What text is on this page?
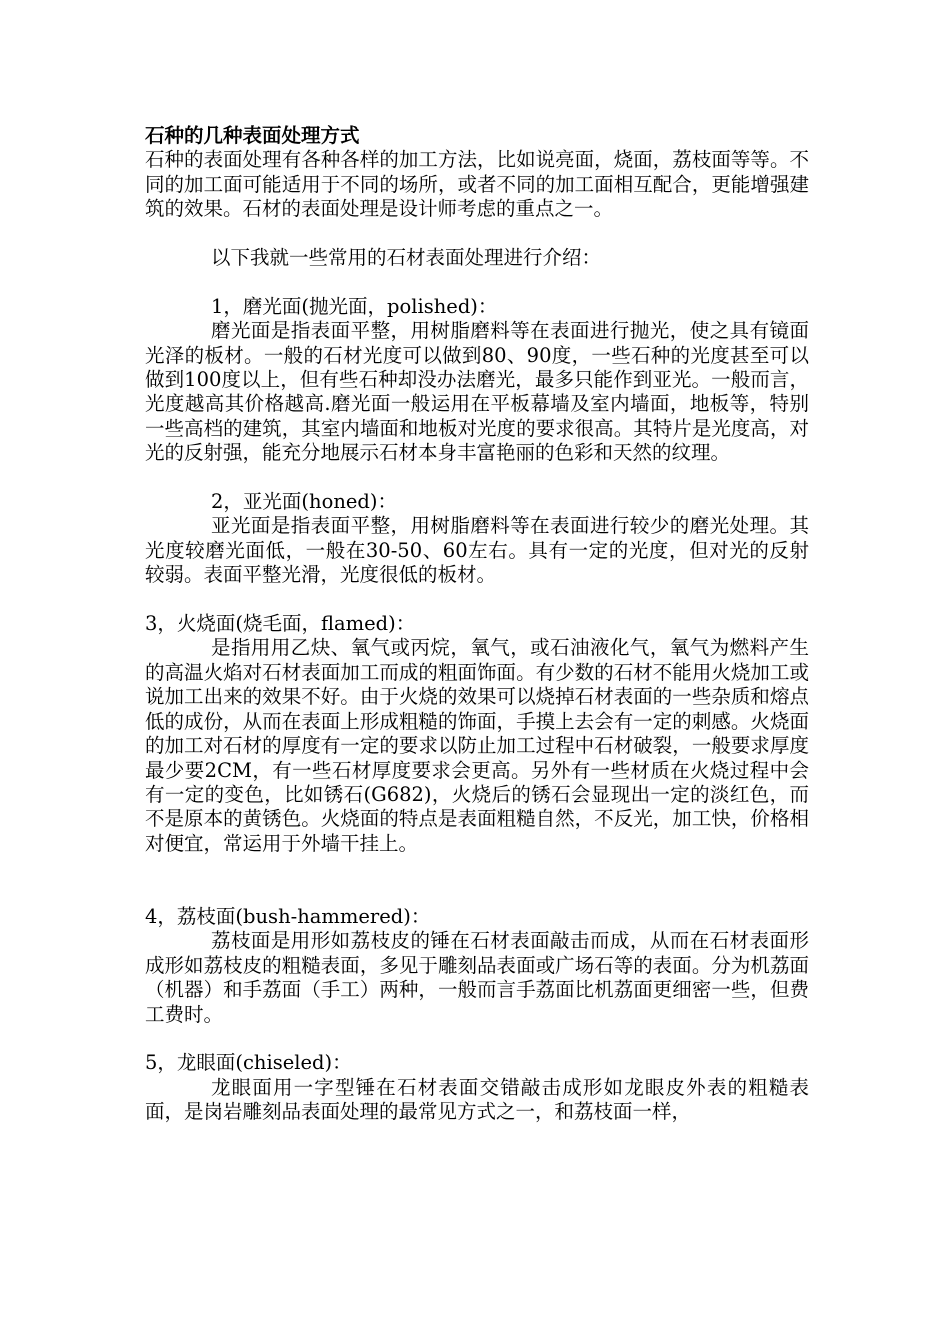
石种的几种表面处理方式

石种的表面处理有各种各样的加工方法，比如说亮面，烧面，荔枝面等等。不同的加工面可能适用于不同的场所，或者不同的加工面相互配合，更能增强建筑的效果。石材的表面处理是设计师考虑的重点之一。

以下我就一些常用的石材表面处理进行介绍：

1，磨光面(抛光面，polished)：

磨光面是指表面平整，用树脂磨料等在表面进行抛光，使之具有镜面光泽的板材。一般的石材光度可以做到80、90度，一些石种的光度甚至可以做到100度以上，但有些石种却没办法磨光，最多只能作到亚光。一般而言，光度越高其价格越高.磨光面一般运用在平板幕墙及室内墙面，地板等，特别一些高档的建筑，其室内墙面和地板对光度的要求很高。其特片是光度高，对光的反射强，能充分地展示石材本身丰富艳丽的色彩和天然的纹理。

2，亚光面(honed)：

亚光面是指表面平整，用树脂磨料等在表面进行较少的磨光处理。其光度较磨光面低，一般在30-50、60左右。具有一定的光度，但对光的反射较弱。表面平整光滑，光度很低的板材。

3，火烧面(烧毛面，flamed)：

是指用用乙炔、氧气或丙烷，氧气，或石油液化气，氧气为燃料产生的高温火焰对石材表面加工而成的粗面饰面。有少数的石材不能用火烧加工或说加工出来的效果不好。由于火烧的效果可以烧掉石材表面的一些杂质和熔点低的成份，从而在表面上形成粗糙的饰面，手摸上去会有一定的刺感。火烧面的加工对石材的厚度有一定的要求以防止加工过程中石材破裂，一般要求厚度最少要2CM，有一些石材厚度要求会更高。另外有一些材质在火烧过程中会有一定的变色，比如锈石(G682)，火烧后的锈石会显现出一定的淡红色，而不是原本的黄锈色。火烧面的特点是表面粗糙自然，不反光，加工快，价格相对便宜，常运用于外墙干挂上。

4，荔枝面(bush-hammered)：

荔枝面是用形如荔枝皮的锤在石材表面敲击而成，从而在石材表面形成形如荔枝皮的粗糙表面，多见于雕刻品表面或广场石等的表面。分为机荔面（机器）和手荔面（手工）两种，一般而言手荔面比机荔面更细密一些，但费工费时。

5，龙眼面(chiseled)：

龙眼面用一字型锤在石材表面交错敲击成形如龙眼皮外表的粗糙表面，是岗岩雕刻品表面处理的最常见方式之一，和荔枝面一样，
